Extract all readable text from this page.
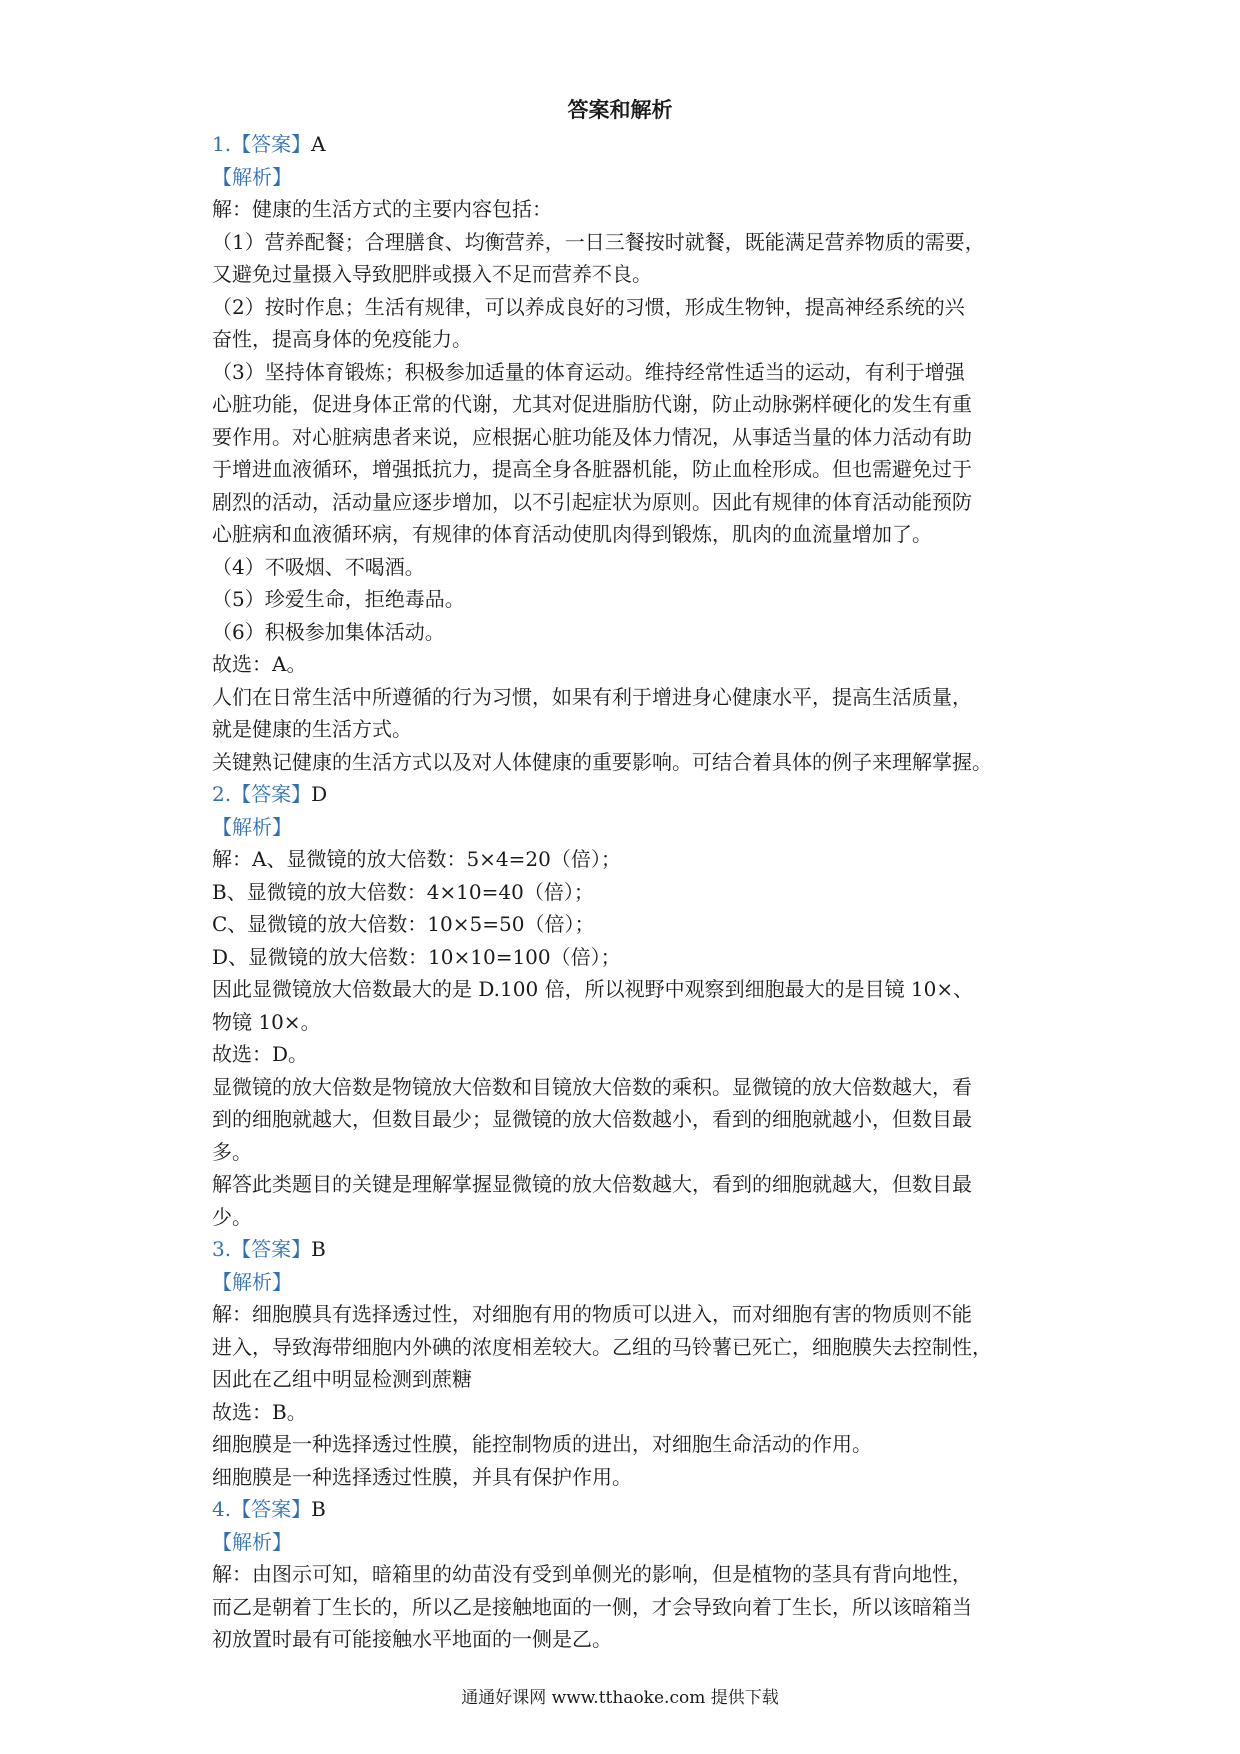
答案和解析
1.【答案】A
【解析】
解：健康的生活方式的主要内容包括：
（1）营养配餐；合理膳食、均衡营养，一日三餐按时就餐，既能满足营养物质的需要，
又避免过量摄入导致肥胖或摄入不足而营养不良。
（2）按时作息；生活有规律，可以养成良好的习惯，形成生物钟，提高神经系统的兴
奋性，提高身体的免疫能力。
（3）坚持体育锻炼；积极参加适量的体育运动。维持经常性适当的运动，有利于增强
心脏功能，促进身体正常的代谢，尤其对促进脂肪代谢，防止动脉粥样硬化的发生有重
要作用。对心脏病患者来说，应根据心脏功能及体力情况，从事适当量的体力活动有助
于增进血液循环，增强抵抗力，提高全身各脏器机能，防止血栓形成。但也需避免过于
剧烈的活动，活动量应逐步增加，以不引起症状为原则。因此有规律的体育活动能预防
心脏病和血液循环病，有规律的体育活动使肌肉得到锻炼，肌肉的血流量增加了。
（4）不吸烟、不喝酒。
（5）珍爱生命，拒绝毒品。
（6）积极参加集体活动。
故选：A。
人们在日常生活中所遵循的行为习惯，如果有利于增进身心健康水平，提高生活质量，
就是健康的生活方式。
关键熟记健康的生活方式以及对人体健康的重要影响。可结合着具体的例子来理解掌握。
2.【答案】D
【解析】
解：A、显微镜的放大倍数：5×4=20（倍）；
B、显微镜的放大倍数：4×10=40（倍）；
C、显微镜的放大倍数：10×5=50（倍）；
D、显微镜的放大倍数：10×10=100（倍）；
因此显微镜放大倍数最大的是 D.100 倍，所以视野中观察到细胞最大的是目镜 10×、
物镜 10×。
故选：D。
显微镜的放大倍数是物镜放大倍数和目镜放大倍数的乘积。显微镜的放大倍数越大，看
到的细胞就越大，但数目最少；显微镜的放大倍数越小，看到的细胞就越小，但数目最
多。
解答此类题目的关键是理解掌握显微镜的放大倍数越大，看到的细胞就越大，但数目最
少。
3.【答案】B
【解析】
解：细胞膜具有选择透过性，对细胞有用的物质可以进入，而对细胞有害的物质则不能
进入，导致海带细胞内外碘的浓度相差较大。乙组的马铃薯已死亡，细胞膜失去控制性，
因此在乙组中明显检测到蔗糖
故选：B。
细胞膜是一种选择透过性膜，能控制物质的进出，对细胞生命活动的作用。
细胞膜是一种选择透过性膜，并具有保护作用。
4.【答案】B
【解析】
解：由图示可知，暗箱里的幼苗没有受到单侧光的影响，但是植物的茎具有背向地性，
而乙是朝着丁生长的，所以乙是接触地面的一侧，才会导致向着丁生长，所以该暗箱当
初放置时最有可能接触水平地面的一侧是乙。
通通好课网 www.tthaoke.com 提供下载
